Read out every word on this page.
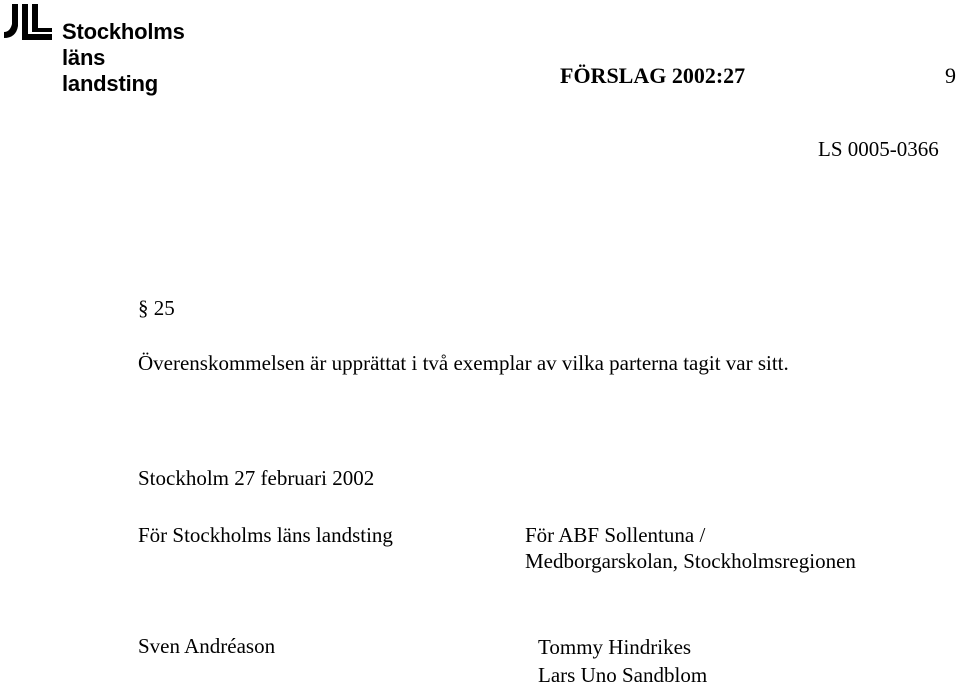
Stockholms läns landsting	FÖRSLAG 2002:27	9
LS 0005-0366
§ 25
Överenskommelsen är upprättat i två exemplar av vilka parterna tagit var sitt.
Stockholm 27 februari 2002
För Stockholms läns landsting	För ABF Sollentuna /
Medborgarskolan, Stockholmsregionen
Sven Andréason	Tommy Hindrikes
Lars Uno Sandblom
